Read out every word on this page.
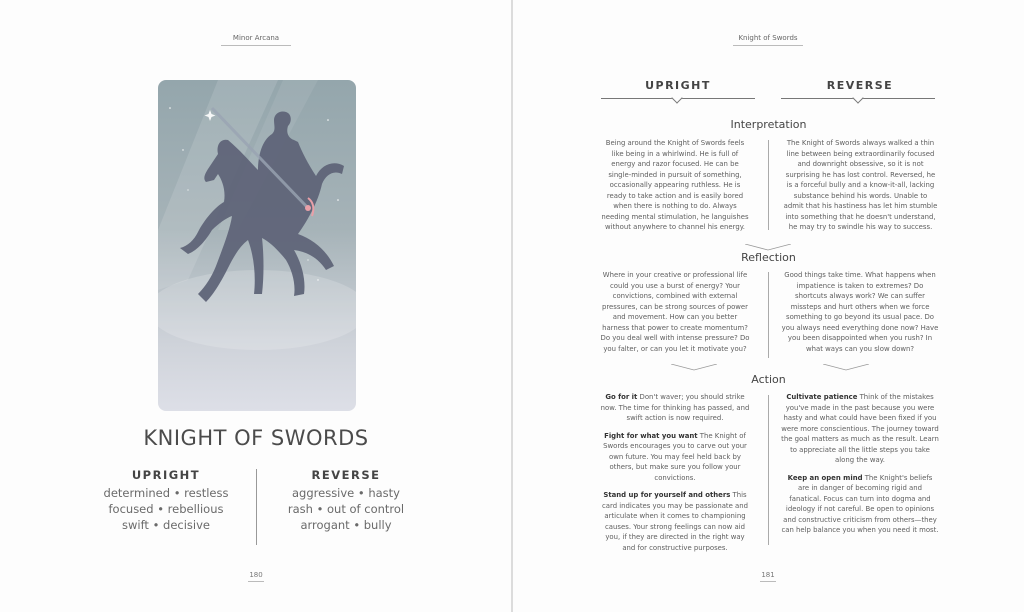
Minor Arcana
KNIGHT OF SWORDS
UPRIGHT
determined • restless
focused • rebellious
swift • decisive
REVERSE
aggressive • hasty
rash • out of control
arrogant • bully
180
Knight of Swords
UPRIGHT	REVERSE
Interpretation
Being around the Knight of Swords feels like being in a whirlwind. He is full of energy and razor focused. He can be single-minded in pursuit of something, occasionally appearing ruthless. He is ready to take action and is easily bored when there is nothing to do. Always needing mental stimulation, he languishes without anywhere to channel his energy.
The Knight of Swords always walked a thin line between being extraordinarily focused and downright obsessive, so it is not surprising he has lost control. Reversed, he is a forceful bully and a know-it-all, lacking substance behind his words. Unable to admit that his hastiness has let him stumble into something that he doesn't understand, he may try to swindle his way to success.
Reflection
Where in your creative or professional life could you use a burst of energy? Your convictions, combined with external pressures, can be strong sources of power and movement. How can you better harness that power to create momentum? Do you deal well with intense pressure? Do you falter, or can you let it motivate you?
Good things take time. What happens when impatience is taken to extremes? Do shortcuts always work? We can suffer missteps and hurt others when we force something to go beyond its usual pace. Do you always need everything done now? Have you been disappointed when you rush? In what ways can you slow down?
Action

Go for it Don't waver; you should strike now. The time for thinking has passed, and swift action is now required.

Fight for what you want The Knight of Swords encourages you to carve out your own future. You may feel held back by others, but make sure you follow your convictions.

Stand up for yourself and others This card indicates you may be passionate and articulate when it comes to championing causes. Your strong feelings can now aid you, if they are directed in the right way and for constructive purposes.

Cultivate patience Think of the mistakes you've made in the past because you were hasty and what could have been fixed if you were more conscientious. The journey toward the goal matters as much as the result. Learn to appreciate all the little steps you take along the way.

Keep an open mind The Knight's beliefs are in danger of becoming rigid and fanatical. Focus can turn into dogma and ideology if not careful. Be open to opinions and constructive criticism from others—they can help balance you when you need it most.

181
